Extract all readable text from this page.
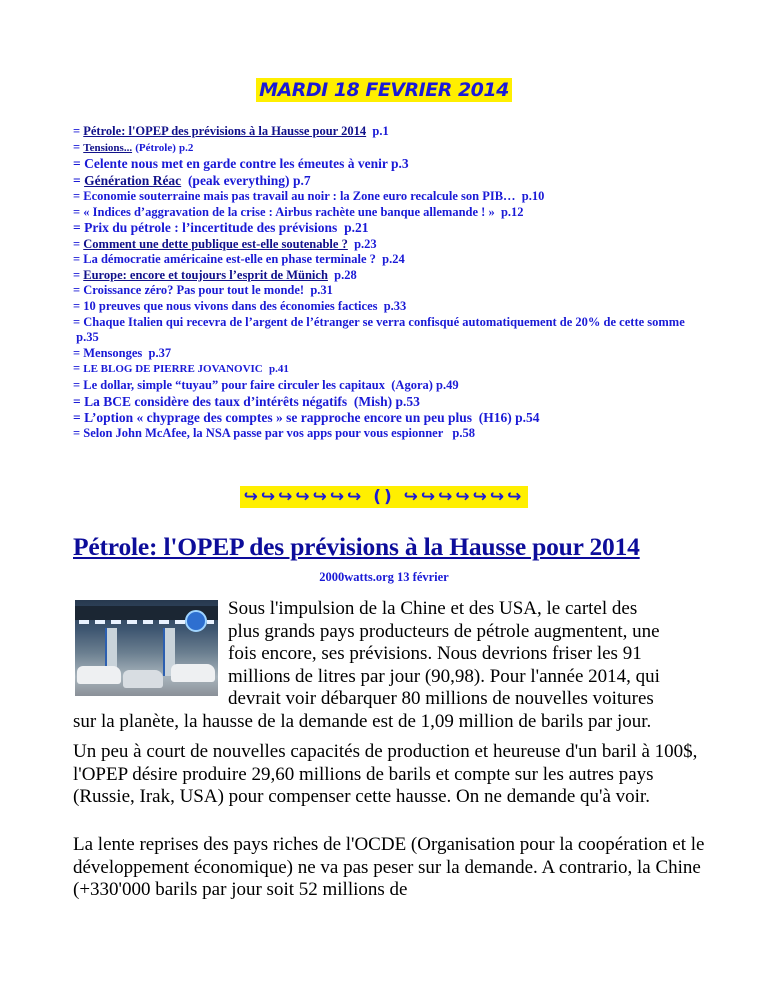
MARDI 18 FEVRIER 2014
= Pétrole: l'OPEP des prévisions à la Hausse pour 2014 p.1
= Tensions... (Pétrole) p.2
= Celente nous met en garde contre les émeutes à venir p.3
= Génération Réac (peak everything) p.7
= Economie souterraine mais pas travail au noir : la Zone euro recalcule son PIB… p.10
= « Indices d’aggravation de la crise : Airbus rachète une banque allemande ! » p.12
= Prix du pétrole : l’incertitude des prévisions p.21
= Comment une dette publique est-elle soutenable ? p.23
= La démocratie américaine est-elle en phase terminale ? p.24
= Europe: encore et toujours l’esprit de Münich p.28
= Croissance zéro? Pas pour tout le monde! p.31
= 10 preuves que nous vivons dans des économies factices p.33
= Chaque Italien qui recevra de l’argent de l’étranger se verra confisqué automatiquement de 20% de cette somme  p.35
= Mensonges p.37
= LE BLOG DE PIERRE JOVANOVIC p.41
= Le dollar, simple “tuyau” pour faire circuler les capitaux (Agora) p.49
= La BCE considère des taux d’intérêts négatifs (Mish) p.53
= L’option « chyprage des comptes » se rapproche encore un peu plus (H16) p.54
= Selon John McAfee, la NSA passe par vos apps pour vous espionner p.58
↪↪↪↪↪↪↪ () ↪↪↪↪↪↪↪
Pétrole: l'OPEP des prévisions à la Hausse pour 2014
2000watts.org 13 février
Sous l'impulsion de la Chine et des USA, le cartel des
plus grands pays producteurs de pétrole augmentent, une
fois encore, ses prévisions. Nous devrions friser les 91
millions de litres par jour (90,98). Pour l'année 2014, qui
devrait voir débarquer 80 millions de nouvelles voitures
sur la planète, la hausse de la demande est de 1,09 million de barils par jour.
Un peu à court de nouvelles capacités de production et heureuse d'un baril à 100$, l'OPEP désire produire 29,60 millions de barils et compte sur les autres pays (Russie, Irak, USA) pour compenser cette hausse. On ne demande qu'à voir.
La lente reprises des pays riches de l'OCDE (Organisation pour la coopération et le développement économique) ne va pas peser sur la demande. A contrario, la Chine (+330'000 barils par jour soit 52 millions de
